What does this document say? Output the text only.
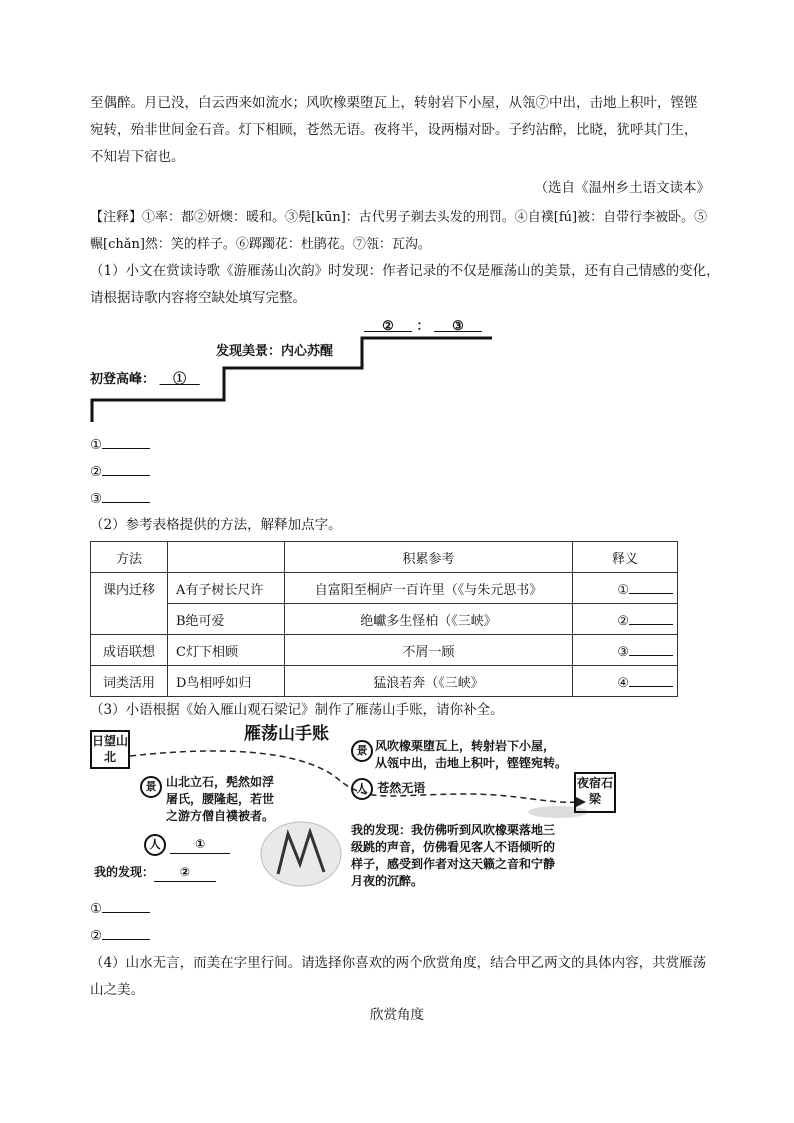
至偶醉。月已没，白云西来如流水；风吹橡栗堕瓦上，转射岩下小屋，从瓴⑦中出，击地上积叶，铿铿
宛转，殆非世间金石音。灯下相顾，苍然无语。夜将半，设两榻对卧。子约沾醉，比晓，犹呼其门生，
不知岩下宿也。
（选自《温州乡土语文读本》
【注释】①率：都②妍燠：暖和。③髡[kūn]：古代男子剃去头发的刑罚。④自襆[fú]被：自带行李被卧。⑤
冁[chǎn]然：笑的样子。⑥踯躅花：杜鹃花。⑦瓴：瓦沟。
（1）小文在赏读诗歌《游雁荡山次韵》时发现：作者记录的不仅是雁荡山的美景，还有自己情感的变化，
请根据诗歌内容将空缺处填写完整。
初登高峰： ①
发现美景：内心苏醒
② ： ③
①
②
③
（2）参考表格提供的方法，解释加点字。
方法		积累参考	释义
课内迁移	A有子树长尺许	自富阳至桐庐一百许里（《与朱元思书》	①
	B绝可爱	绝巘多生怪柏（《三峡》	②
成语联想	C灯下相顾	不屑一顾	③
词类活用	D鸟相呼如归	猛浪若奔（《三峡》	④
（3）小语根据《始入雁山观石梁记》制作了雁荡山手账，请你补全。
日望山北
夜宿石梁
雁荡山手账
景 山北立石，髡然如浮
屠氏，腰隆起，若世
之游方僧自襆被者。
人	①
我的发现： ②
景 风吹橡栗堕瓦上，转射岩下小屋，
从瓴中出，击地上积叶，铿铿宛转。
人 苍然无语
我的发现：我仿佛听到风吹橡栗落地三
级跳的声音，仿佛看见客人不语倾听的
样子，感受到作者对这天籁之音和宁静
月夜的沉醉。
①
②
（4）山水无言，而美在字里行间。请选择你喜欢的两个欣赏角度，结合甲乙两文的具体内容，共赏雁荡
山之美。
欣赏角度
